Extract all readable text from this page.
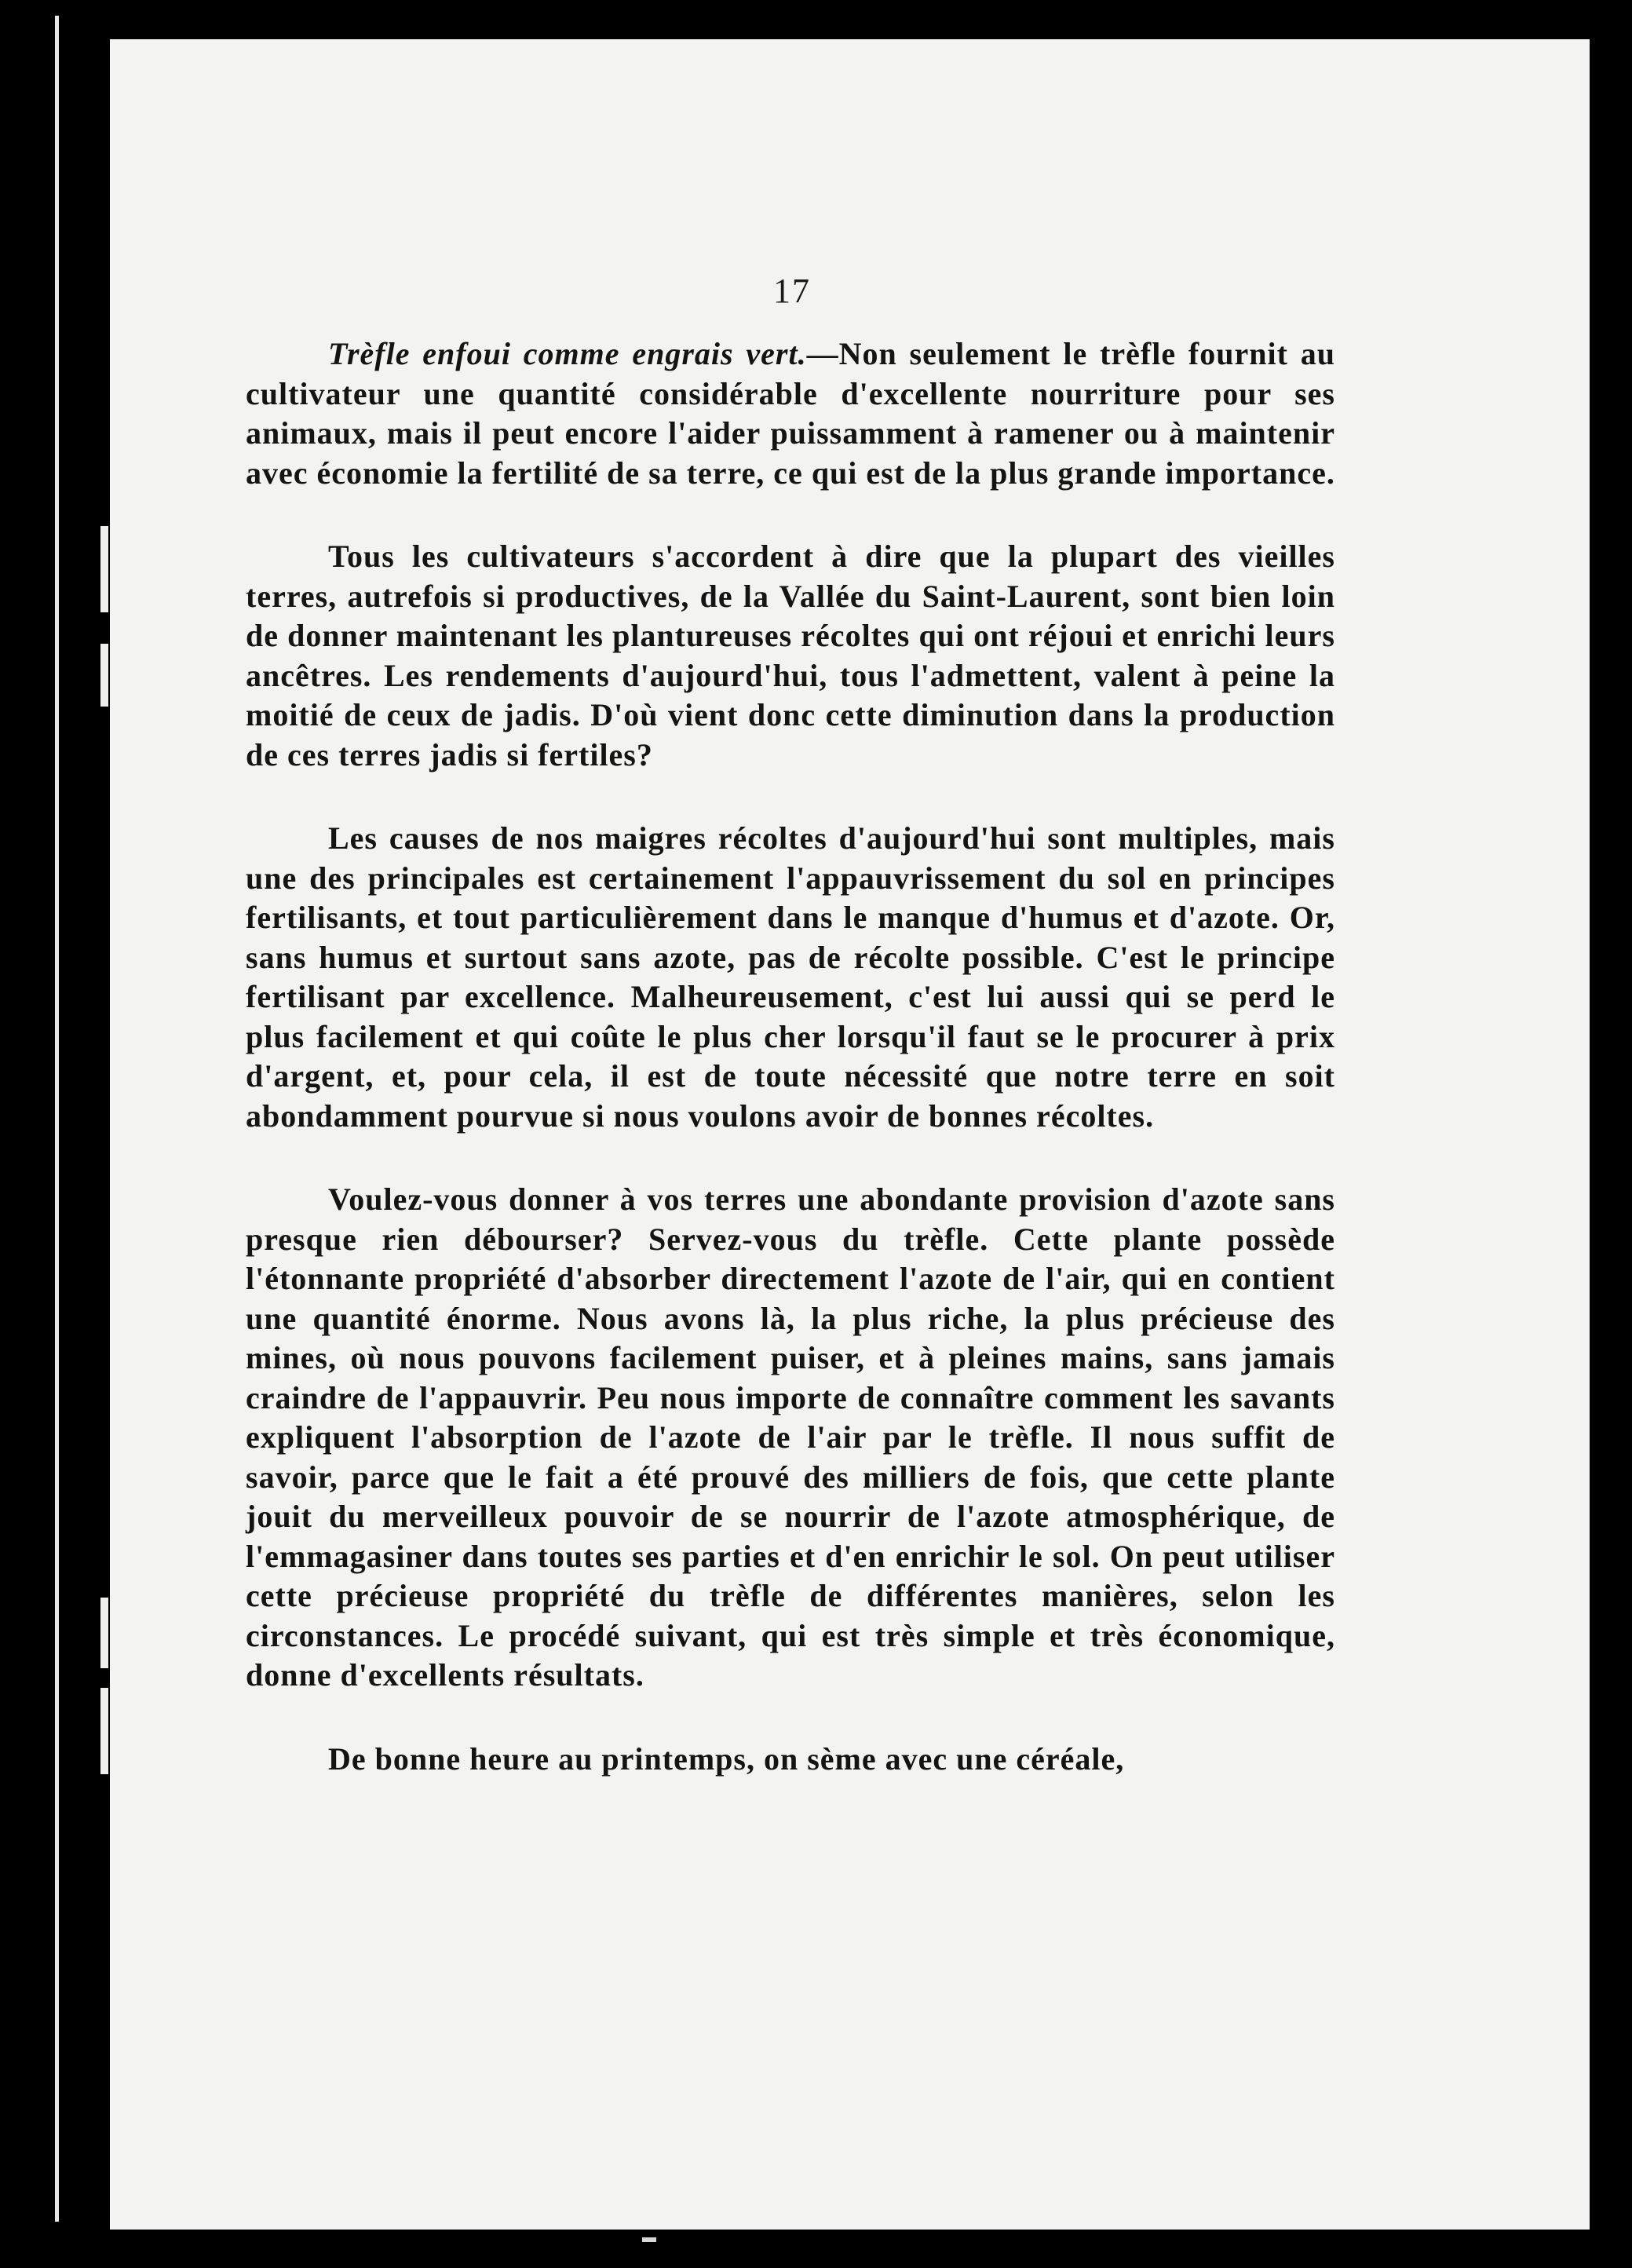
17

Trèfle enfoui comme engrais vert.—Non seulement le trèfle fournit au cultivateur une quantité considérable d'excellente nourriture pour ses animaux, mais il peut encore l'aider puissamment à ramener ou à maintenir avec économie la fertilité de sa terre, ce qui est de la plus grande importance.

Tous les cultivateurs s'accordent à dire que la plupart des vieilles terres, autrefois si productives, de la Vallée du Saint-Laurent, sont bien loin de donner maintenant les plantureuses récoltes qui ont réjoui et enrichi leurs ancêtres. Les rendements d'aujourd'hui, tous l'admettent, valent à peine la moitié de ceux de jadis. D'où vient donc cette diminution dans la production de ces terres jadis si fertiles?

Les causes de nos maigres récoltes d'aujourd'hui sont multiples, mais une des principales est certainement l'appauvrissement du sol en principes fertilisants, et tout particulièrement dans le manque d'humus et d'azote. Or, sans humus et surtout sans azote, pas de récolte possible. C'est le principe fertilisant par excellence. Malheureusement, c'est lui aussi qui se perd le plus facilement et qui coûte le plus cher lorsqu'il faut se le procurer à prix d'argent, et, pour cela, il est de toute nécessité que notre terre en soit abondamment pourvue si nous voulons avoir de bonnes récoltes.

Voulez-vous donner à vos terres une abondante provision d'azote sans presque rien débourser? Servez-vous du trèfle. Cette plante possède l'étonnante propriété d'absorber directement l'azote de l'air, qui en contient une quantité énorme. Nous avons là, la plus riche, la plus précieuse des mines, où nous pouvons facilement puiser, et à pleines mains, sans jamais craindre de l'appauvrir. Peu nous importe de connaître comment les savants expliquent l'absorption de l'azote de l'air par le trèfle. Il nous suffit de savoir, parce que le fait a été prouvé des milliers de fois, que cette plante jouit du merveilleux pouvoir de se nourrir de l'azote atmosphérique, de l'emmagasiner dans toutes ses parties et d'en enrichir le sol. On peut utiliser cette précieuse propriété du trèfle de différentes manières, selon les circonstances. Le procédé suivant, qui est très simple et très économique, donne d'excellents résultats.

De bonne heure au printemps, on sème avec une céréale,
